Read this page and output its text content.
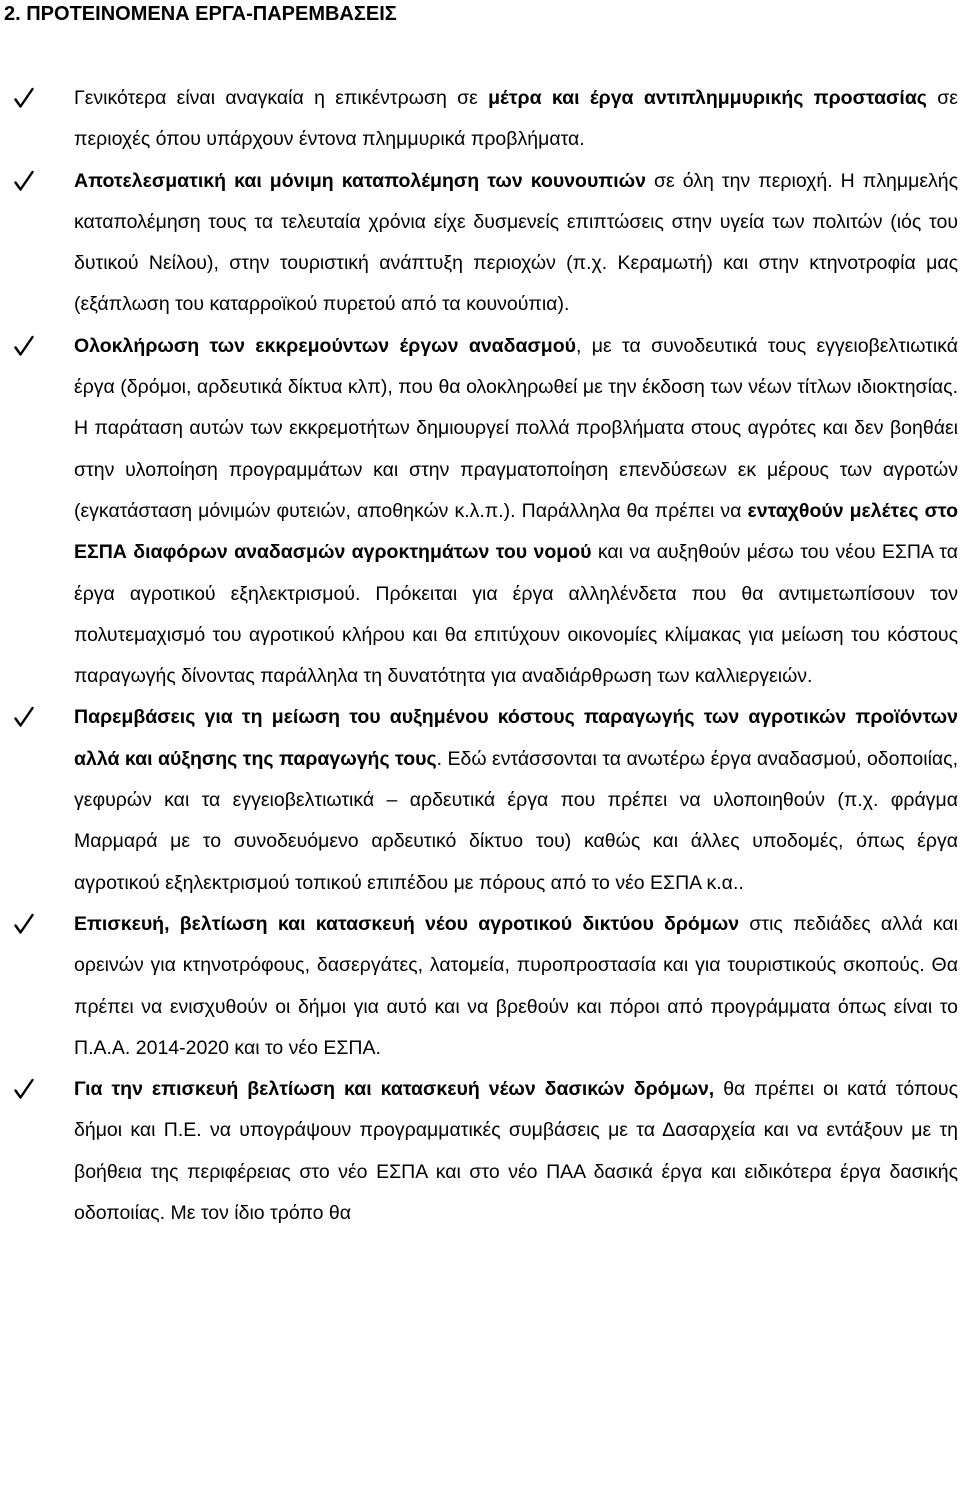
2. ΠΡΟΤΕΙΝΟΜΕΝΑ ΕΡΓΑ-ΠΑΡΕΜΒΑΣΕΙΣ
Γενικότερα είναι αναγκαία η επικέντρωση σε μέτρα και έργα αντιπλημμυρικής προστασίας σε περιοχές όπου υπάρχουν έντονα πλημμυρικά προβλήματα.
Αποτελεσματική και μόνιμη καταπολέμηση των κουνουπιών σε όλη την περιοχή. Η πλημμελής καταπολέμηση τους τα τελευταία χρόνια είχε δυσμενείς επιπτώσεις στην υγεία των πολιτών (ιός του δυτικού Νείλου), στην τουριστική ανάπτυξη περιοχών (π.χ. Κεραμωτή) και στην κτηνοτροφία μας (εξάπλωση του καταρροϊκού πυρετού από τα κουνούπια).
Ολοκλήρωση των εκκρεμούντων έργων αναδασμού, με τα συνοδευτικά τους εγγειοβελτιωτικά έργα (δρόμοι, αρδευτικά δίκτυα κλπ), που θα ολοκληρωθεί με την έκδοση των νέων τίτλων ιδιοκτησίας. Η παράταση αυτών των εκκρεμοτήτων δημιουργεί πολλά προβλήματα στους αγρότες και δεν βοηθάει στην υλοποίηση προγραμμάτων και στην πραγματοποίηση επενδύσεων εκ μέρους των αγροτών (εγκατάσταση μόνιμών φυτειών, αποθηκών κ.λ.π.). Παράλληλα θα πρέπει να ενταχθούν μελέτες στο ΕΣΠΑ διαφόρων αναδασμών αγροκτημάτων του νομού και να αυξηθούν μέσω του νέου ΕΣΠΑ τα έργα αγροτικού εξηλεκτρισμού. Πρόκειται για έργα αλληλένδετα που θα αντιμετωπίσουν τον πολυτεμαχισμό του αγροτικού κλήρου και θα επιτύχουν οικονομίες κλίμακας για μείωση του κόστους παραγωγής δίνοντας παράλληλα τη δυνατότητα για αναδιάρθρωση των καλλιεργειών.
Παρεμβάσεις για τη μείωση του αυξημένου κόστους παραγωγής των αγροτικών προϊόντων αλλά και αύξησης της παραγωγής τους. Εδώ εντάσσονται τα ανωτέρω έργα αναδασμού, οδοποιίας, γεφυρών και τα εγγειοβελτιωτικά – αρδευτικά έργα που πρέπει να υλοποιηθούν (π.χ. φράγμα Μαρμαρά με το συνοδευόμενο αρδευτικό δίκτυο του) καθώς και άλλες υποδομές, όπως έργα αγροτικού εξηλεκτρισμού τοπικού επιπέδου με πόρους από το νέο ΕΣΠΑ κ.α..
Επισκευή, βελτίωση και κατασκευή νέου αγροτικού δικτύου δρόμων στις πεδιάδες αλλά και ορεινών για κτηνοτρόφους, δασεργάτες, λατομεία, πυροπροστασία και για τουριστικούς σκοπούς. Θα πρέπει να ενισχυθούν οι δήμοι για αυτό και να βρεθούν και πόροι από προγράμματα όπως είναι το Π.Α.Α. 2014-2020 και το νέο ΕΣΠΑ.
Για την επισκευή βελτίωση και κατασκευή νέων δασικών δρόμων, θα πρέπει οι κατά τόπους δήμοι και Π.Ε. να υπογράψουν προγραμματικές συμβάσεις με τα Δασαρχεία και να εντάξουν με τη βοήθεια της περιφέρειας στο νέο ΕΣΠΑ και στο νέο ΠΑΑ δασικά έργα και ειδικότερα έργα δασικής οδοποιίας. Με τον ίδιο τρόπο θα
